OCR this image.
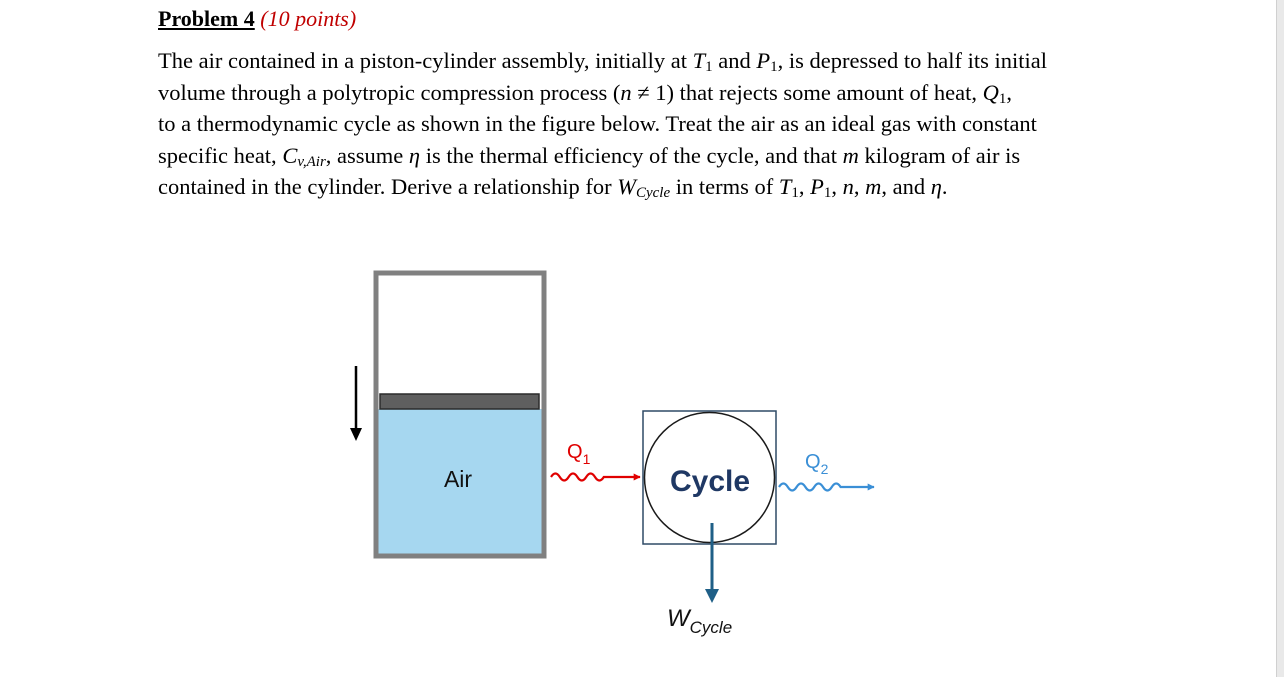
Problem 4 (10 points)
The air contained in a piston-cylinder assembly, initially at $T_1$ and $P_1$, is depressed to half its initial
volume through a polytropic compression process (n ≠ 1) that rejects some amount of heat, $Q_1$,
to a thermodynamic cycle as shown in the figure below. Treat the air as an ideal gas with constant
specific heat, $C_{v,Air}$, assume η is the thermal efficiency of the cycle, and that m kilogram of air is
contained in the cylinder. Derive a relationship for $W_{Cycle}$ in terms of $T_1$, $P_1$, n, m, and η.
Air
$Q_1$
Cycle
$Q_2$
$W_{Cycle}$
